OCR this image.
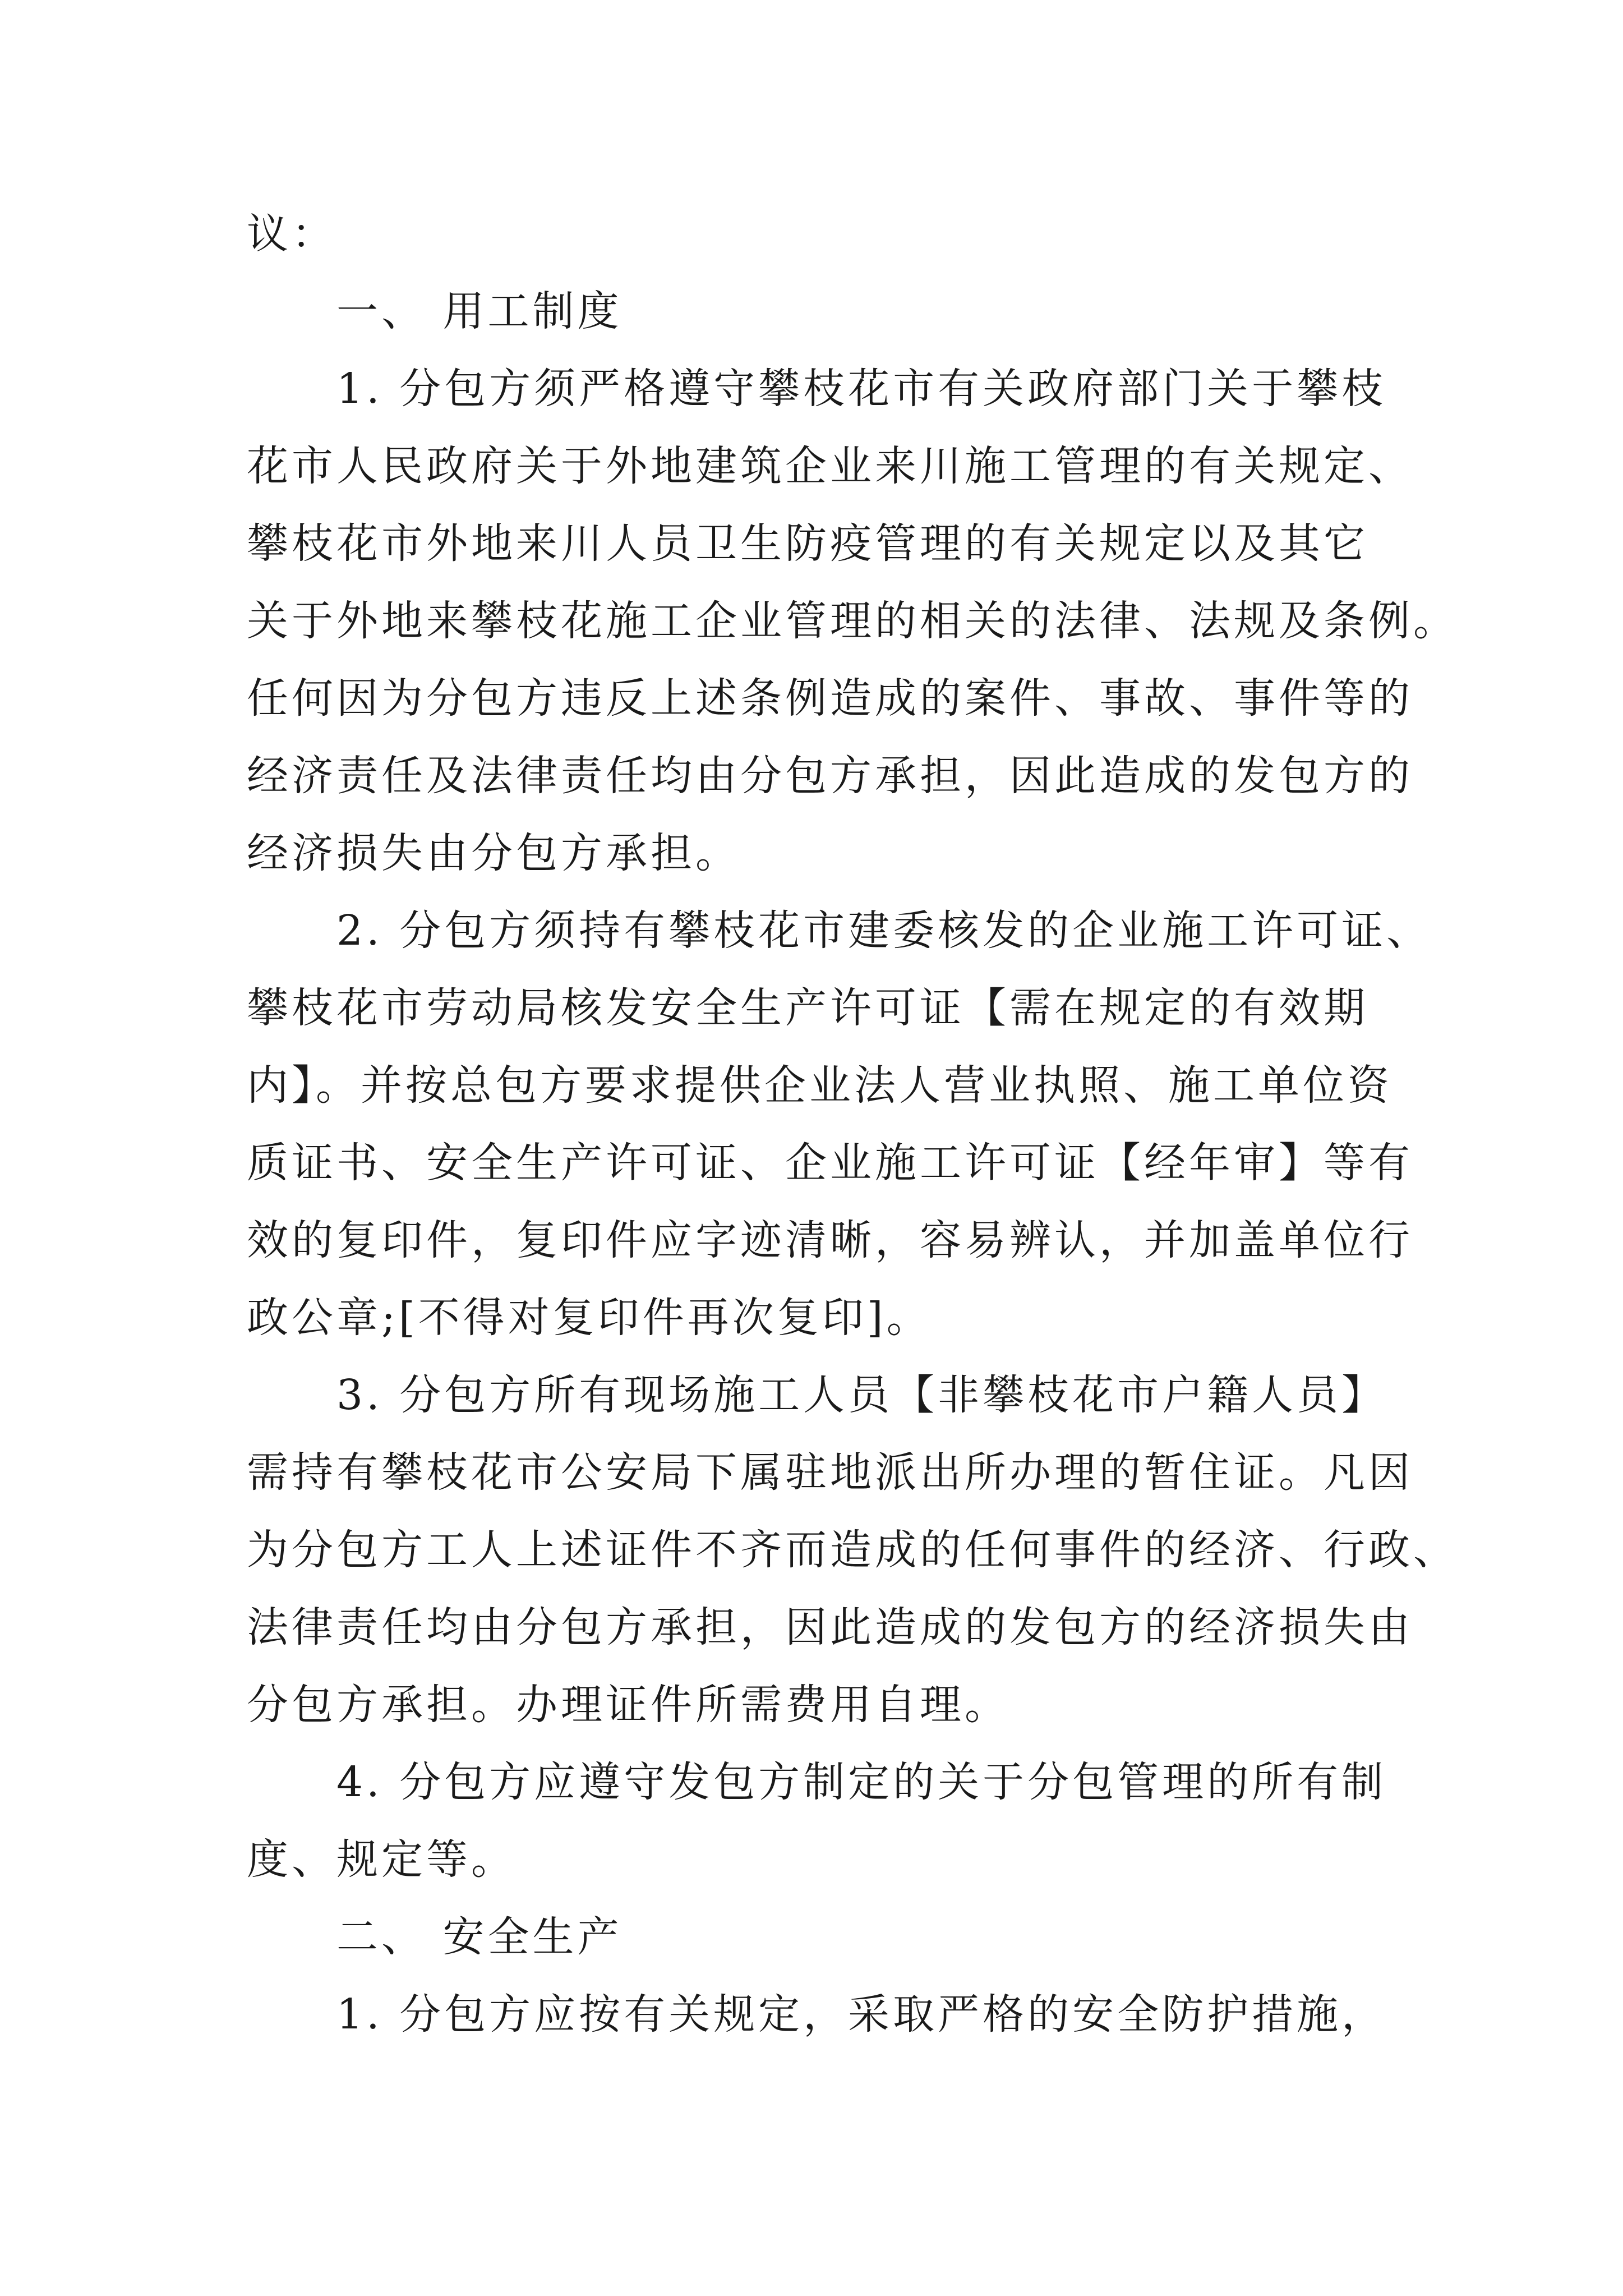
议：
一、 用工制度
1. 分包方须严格遵守攀枝花市有关政府部门关于攀枝
花市人民政府关于外地建筑企业来川施工管理的有关规定、
攀枝花市外地来川人员卫生防疫管理的有关规定以及其它
关于外地来攀枝花施工企业管理的相关的法律、法规及条例。
任何因为分包方违反上述条例造成的案件、事故、事件等的
经济责任及法律责任均由分包方承担，因此造成的发包方的
经济损失由分包方承担。
2. 分包方须持有攀枝花市建委核发的企业施工许可证、
攀枝花市劳动局核发安全生产许可证【需在规定的有效期
内】。并按总包方要求提供企业法人营业执照、施工单位资
质证书、安全生产许可证、企业施工许可证【经年审】等有
效的复印件，复印件应字迹清晰，容易辨认，并加盖单位行
政公章;[不得对复印件再次复印]。
3. 分包方所有现场施工人员【非攀枝花市户籍人员】
需持有攀枝花市公安局下属驻地派出所办理的暂住证。凡因
为分包方工人上述证件不齐而造成的任何事件的经济、行政、
法律责任均由分包方承担，因此造成的发包方的经济损失由
分包方承担。办理证件所需费用自理。
4. 分包方应遵守发包方制定的关于分包管理的所有制
度、规定等。
二、 安全生产
1. 分包方应按有关规定，采取严格的安全防护措施，
